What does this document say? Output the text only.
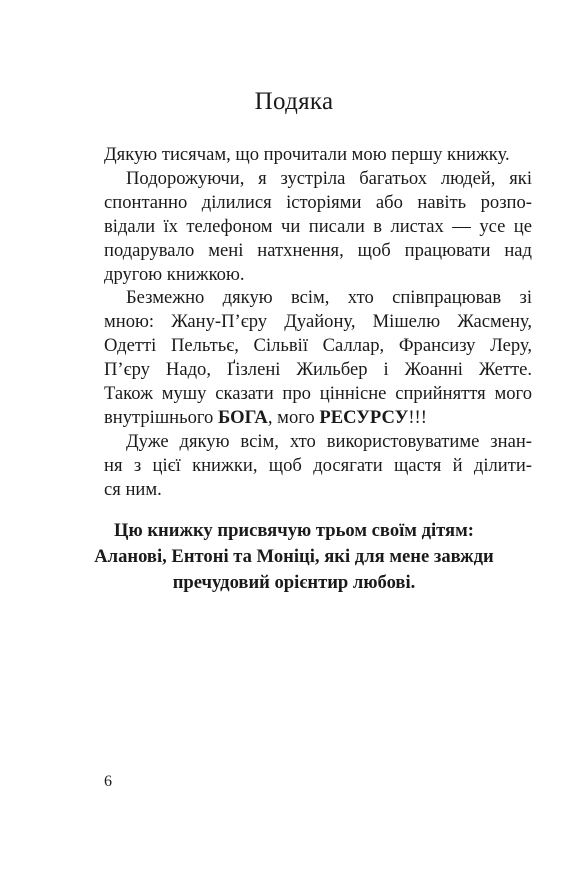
Подяка
Дякую тисячам, що прочитали мою першу книжку.
Подорожуючи, я зустріла багатьох людей, які
спонтанно ділилися історіями або навіть розпо-
відали їх телефоном чи писали в листах — усе це
подарувало мені натхнення, щоб працювати над
другою книжкою.
Безмежно дякую всім, хто співпрацював зі
мною: Жану-П’єру Дуайону, Мішелю Жасмену,
Одетті Пельтьє, Сільвії Саллар, Франсизу Леру,
П’єру Надо, Ґізлені Жильбер і Жоанні Жетте.
Також мушу сказати про ціннісне сприйняття мого
внутрішнього БОГА, мого РЕСУРСУ!!!
Дуже дякую всім, хто використовуватиме знан-
ня з цієї книжки, щоб досягати щастя й ділити-
ся ним.
Цю книжку присвячую трьом своїм дітям:
Аланові, Ентоні та Моніці, які для мене завжди
пречудовий орієнтир любові.
6
